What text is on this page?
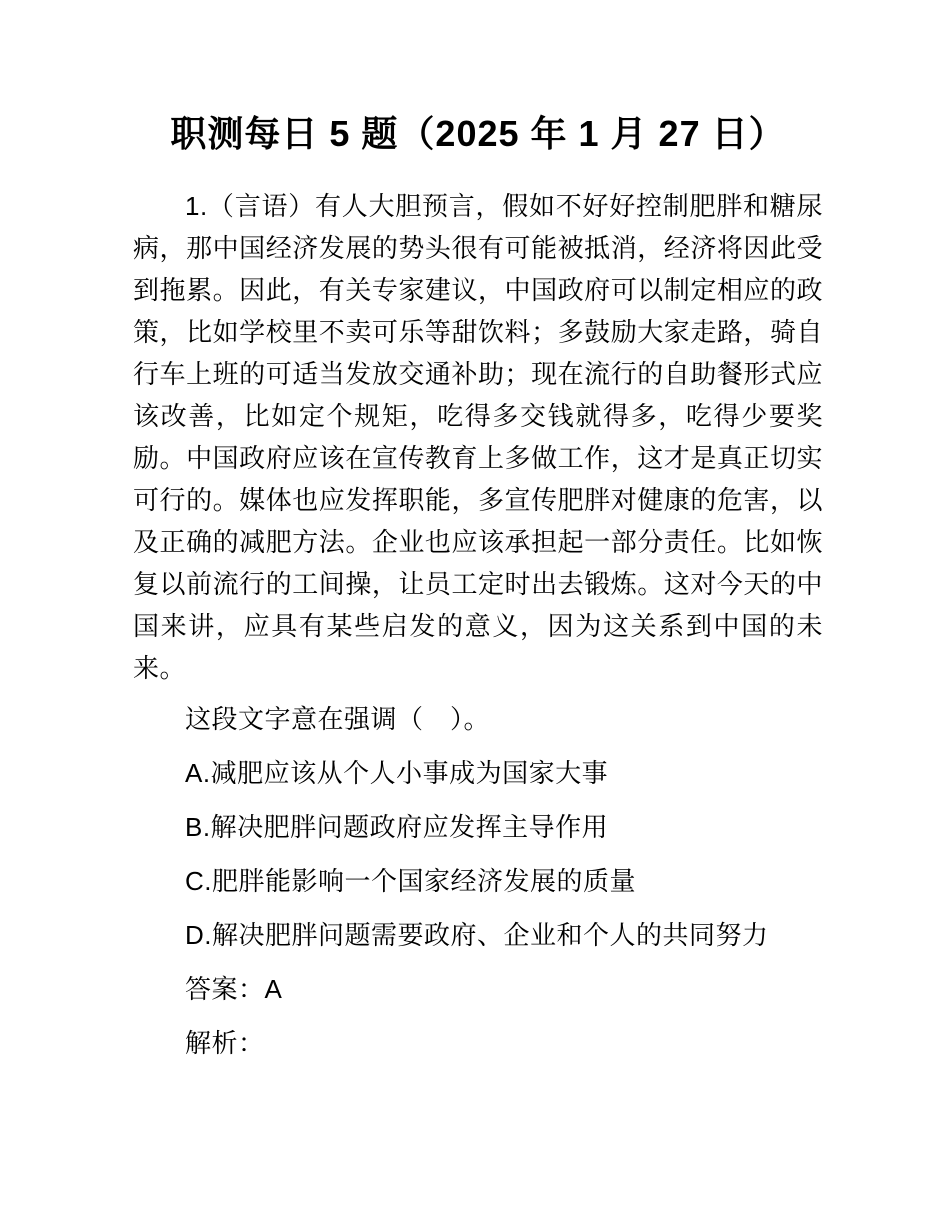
职测每日 5 题（2025 年 1 月 27 日）

1.（言语）有人大胆预言，假如不好好控制肥胖和糖尿病，那中国经济发展的势头很有可能被抵消，经济将因此受到拖累。因此，有关专家建议，中国政府可以制定相应的政策，比如学校里不卖可乐等甜饮料；多鼓励大家走路，骑自行车上班的可适当发放交通补助；现在流行的自助餐形式应该改善，比如定个规矩，吃得多交钱就得多，吃得少要奖励。中国政府应该在宣传教育上多做工作，这才是真正切实可行的。媒体也应发挥职能，多宣传肥胖对健康的危害，以及正确的减肥方法。企业也应该承担起一部分责任。比如恢复以前流行的工间操，让员工定时出去锻炼。这对今天的中国来讲，应具有某些启发的意义，因为这关系到中国的未来。

这段文字意在强调（　）。

A.减肥应该从个人小事成为国家大事

B.解决肥胖问题政府应发挥主导作用

C.肥胖能影响一个国家经济发展的质量

D.解决肥胖问题需要政府、企业和个人的共同努力

答案：A

解析：
